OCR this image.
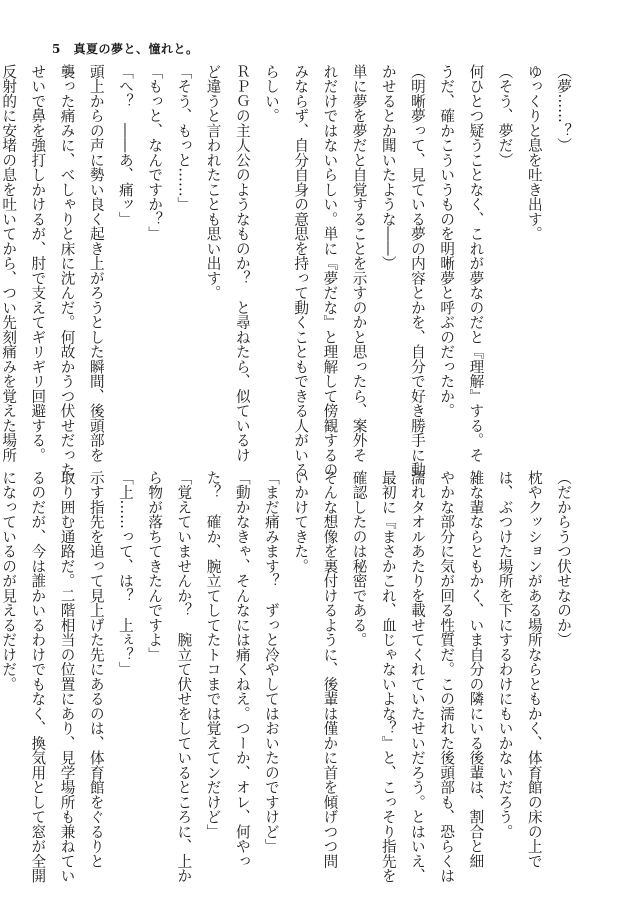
5 真夏の夢と、憧れと。
（夢……？）
ゆっくりと息を吐き出す。
（そう、夢だ）
何ひとつ疑うことなく、これが夢なのだと『理解』する。そ
うだ、確かこういうものを明晰夢と呼ぶのだったか。
（明晰夢って、見ている夢の内容とかを、自分で好き勝手に動
かせるとか聞いたような――）
単に夢を夢だと自覚することを示すのかと思ったら、案外そ
れだけではないらしい。単に『夢だな』と理解して傍観するの
みならず、自分自身の意思を持って動くこともできる人がいる
らしい。
ＲＰＧの主人公のようなものか？　と尋ねたら、似ているけ
ど違うと言われたことも思い出す。
「そう、もっと……」
「もっと、なんですか？」
「へ？　――あ、痛ッ」
頭上からの声に勢い良く起き上がろうとした瞬間、後頭部を
襲った痛みに、べしゃりと床に沈んだ。何故かうつ伏せだった
せいで鼻を強打しかけるが、肘で支えてギリギリ回避する。
反射的に安堵の息を吐いてから、つい先刻痛みを覚えた場所
（だからうつ伏せなのか）
枕やクッションがある場所ならともかく、体育館の床の上で
は、ぶつけた場所を下にするわけにもいかないだろう。
雑な輩ならともかく、いま自分の隣にいる後輩は、割合と細
やかな部分に気が回る性質だ。この濡れた後頭部も、恐らくは
濡れタオルあたりを載せてくれていたせいだろう。とはいえ、
最初に『まさかこれ、血じゃないよな？』と、こっそり指先を
確認したのは秘密である。
そんな想像を裏付けるように、後輩は僅かに首を傾げつつ問
いかけてきた。
「まだ痛みます？　ずっと冷やしてはおいたのですけど」
「動かなきゃ、そんなには痛くねえ。つーか、オレ、何やっ
た？　確か、腕立てしてたトコまでは覚えてンだけど」
「覚えていませんか？　腕立て伏せをしているところに、上か
ら物が落ちてきたんですよ」
「上……って、は？　上ぇ？」
示す指先を追って見上げた先にあるのは、体育館をぐるりと
取り囲む通路だ。二階相当の位置にあり、見学場所も兼ねてい
るのだが、今は誰かいるわけでもなく、換気用として窓が全開
になっているのが見えるだけだ。
